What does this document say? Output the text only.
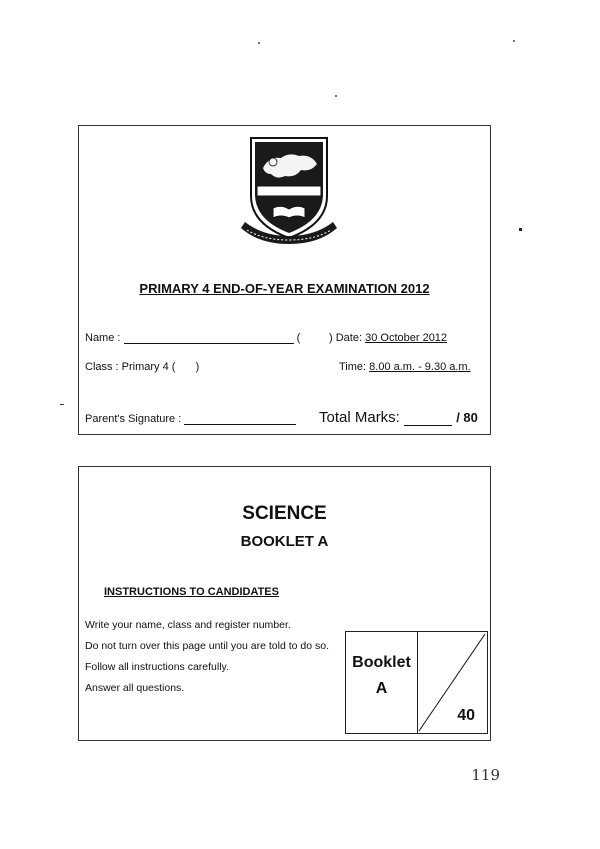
PRIMARY 4 END-OF-YEAR EXAMINATION 2012
Name :	(	) Date: 30 October 2012
Class : Primary 4 ( )	Time: 8.00 a.m. - 9.30 a.m.
Parent's Signature :	Total Marks:	/ 80
SCIENCE
BOOKLET A
INSTRUCTIONS TO CANDIDATES
Write your name, class and register number.
Do not turn over this page until you are told to do so.
Follow all instructions carefully.
Answer all questions.
Booklet
A
40
119
